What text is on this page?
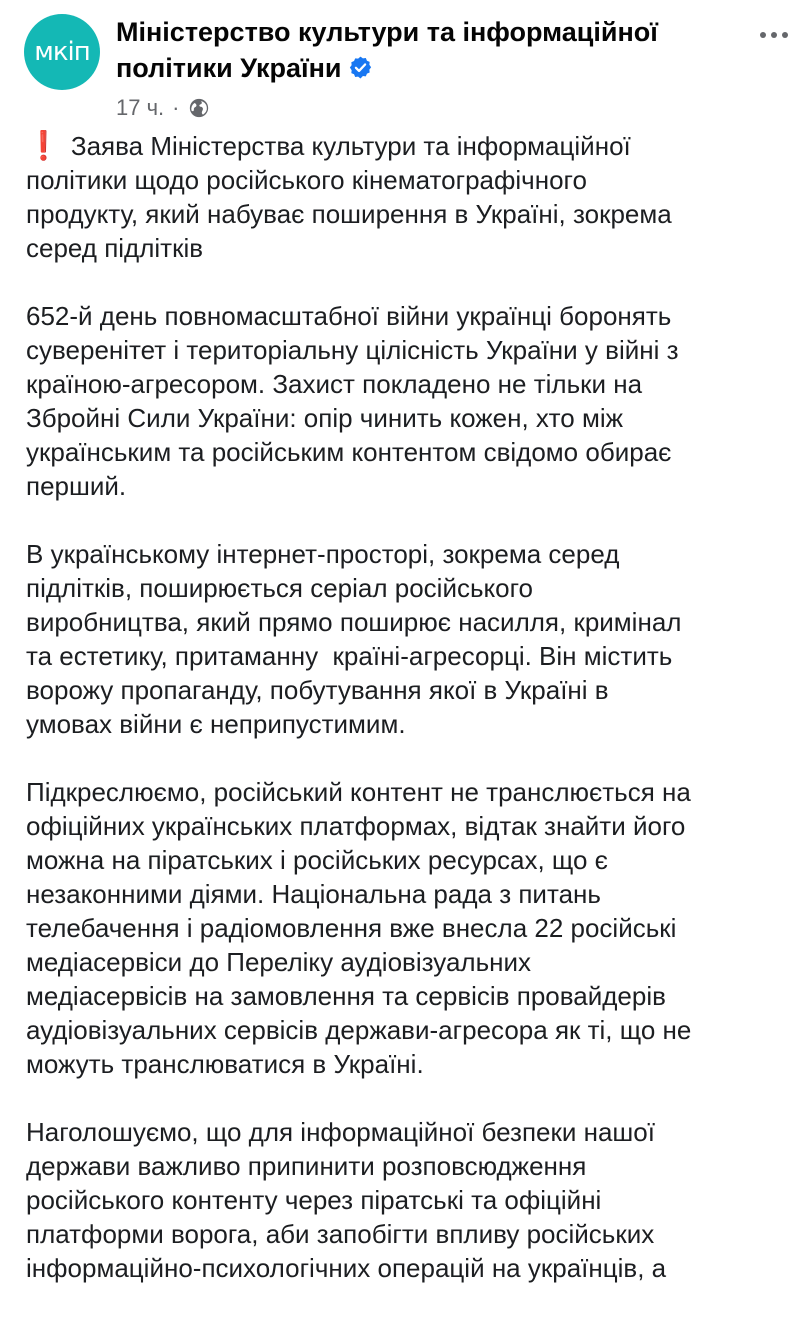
мкіп
Міністерство культури та інформаційної
політики України
17 ч. ·

❗ Заява Міністерства культури та інформаційної
політики щодо російського кінематографічного
продукту, який набуває поширення в Україні, зокрема
серед підлітків

652-й день повномасштабної війни українці боронять
суверенітет і територіальну цілісність України у війні з
країною-агресором. Захист покладено не тільки на
Збройні Сили України: опір чинить кожен, хто між
українським та російським контентом свідомо обирає
перший.

В українському інтернет-просторі, зокрема серед
підлітків, поширюється серіал російського
виробництва, який прямо поширює насилля, кримінал
та естетику, притаманну  країні-агресорці. Він містить
ворожу пропаганду, побутування якої в Україні в
умовах війни є неприпустимим.

Підкреслюємо, російський контент не транслюється на
офіційних українських платформах, відтак знайти його
можна на піратських і російських ресурсах, що є
незаконними діями. Національна рада з питань
телебачення і радіомовлення вже внесла 22 російські
медіасервіси до Переліку аудіовізуальних
медіасервісів на замовлення та сервісів провайдерів
аудіовізуальних сервісів держави-агресора як ті, що не
можуть транслюватися в Україні.

Наголошуємо, що для інформаційної безпеки нашої
держави важливо припинити розповсюдження
російського контенту через піратські та офіційні
платформи ворога, аби запобігти впливу російських
інформаційно-психологічних операцій на українців, а
